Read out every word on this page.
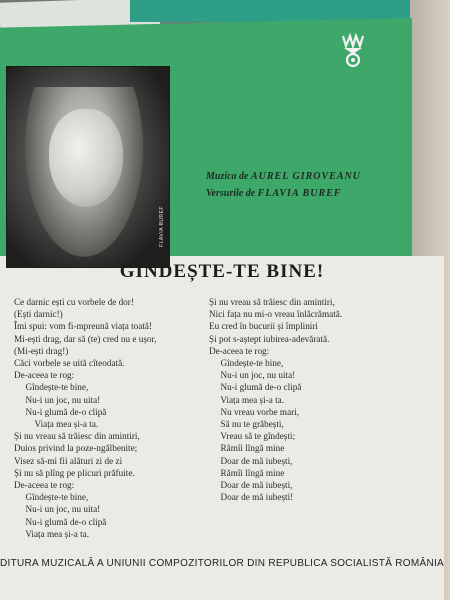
FLAVIA BUREF
Muzica de AUREL GIROVEANU
Versurile de FLAVIA BUREF
GÎNDEȘTE-TE BINE!
Ce darnic ești cu vorbele de dor!
(Ești darnic!)
Îmi spui: vom fi-mpreună viața toată!
Mi-ești drag, dar să (te) cred nu e ușor,
(Mi-ești drag!)
Căci vorbele se uită cîteodată.
De-aceea te rog:
Gîndește-te bine,
Nu-i un joc, nu uita!
Nu-i glumă de-o clipă
Viața mea și-a ta.
Și nu vreau să trăiesc din amintiri,
Duios privind la poze-ngălbenite;
Visez să-mi fii alături zi de zi
Și nu să plîng pe plicuri prăfuite.
De-aceea te rog:
Gîndește-te bine,
Nu-i un joc, nu uita!
Nu-i glumă de-o clipă
Viața mea și-a ta.
Și nu vreau să trăiesc din amintiri,
Nici fața nu mi-o vreau înlăcrămată.
Eu cred în bucurii și împliniri
Și pot s-aștept iubirea-adevărată.
De-aceea te rog:
Gîndește-te bine,
Nu-i un joc, nu uita!
Nu-i glumă de-o clipă
Viața mea și-a ta.
Nu vreau vorbe mari,
Să nu te grăbești,
Vreau să te gîndești;
Rămîi lîngă mine
Doar de mă iubești,
Rămîi lîngă mine
Doar de mă iubești,
Doar de mă iubești!
DITURA MUZICALĂ A UNIUNII COMPOZITORILOR DIN REPUBLICA SOCIALISTĂ ROMÂNIA
